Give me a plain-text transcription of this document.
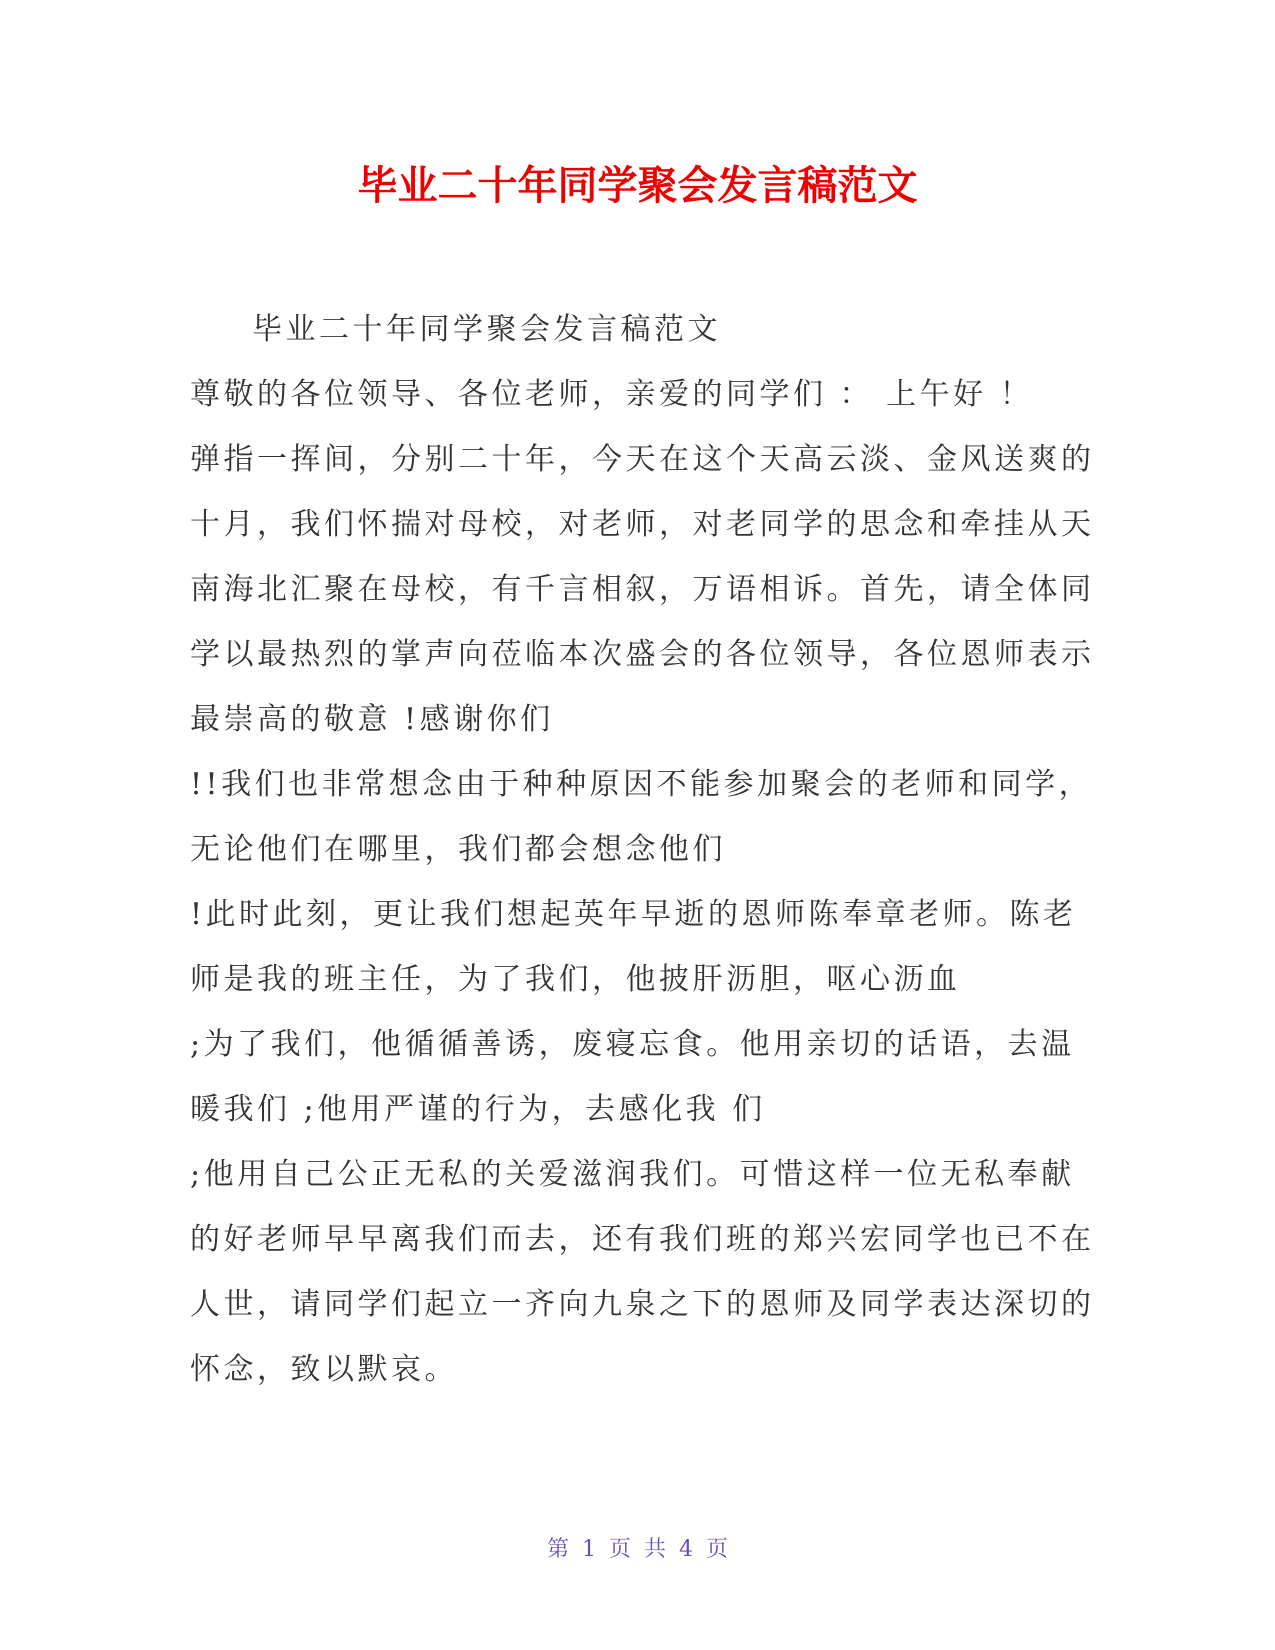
毕业二十年同学聚会发言稿范文
毕业二十年同学聚会发言稿范文
尊敬的各位领导、各位老师，亲爱的同学们 ： 上午好 ！
弹指一挥间，分别二十年，今天在这个天高云淡、金风送爽的
十月，我们怀揣对母校，对老师，对老同学的思念和牵挂从天
南海北汇聚在母校，有千言相叙，万语相诉。首先，请全体同
学以最热烈的掌声向莅临本次盛会的各位领导，各位恩师表示
最崇高的敬意 !感谢你们
!!我们也非常想念由于种种原因不能参加聚会的老师和同学，
无论他们在哪里，我们都会想念他们
!此时此刻，更让我们想起英年早逝的恩师陈奉章老师。陈老
师是我的班主任，为了我们，他披肝沥胆，呕心沥血
;为了我们，他循循善诱，废寝忘食。他用亲切的话语，去温
暖我们 ;他用严谨的行为，去感化我 们
;他用自己公正无私的关爱滋润我们。可惜这样一位无私奉献
的好老师早早离我们而去，还有我们班的郑兴宏同学也已不在
人世，请同学们起立一齐向九泉之下的恩师及同学表达深切的
怀念，致以默哀。
第 1 页 共 4 页
